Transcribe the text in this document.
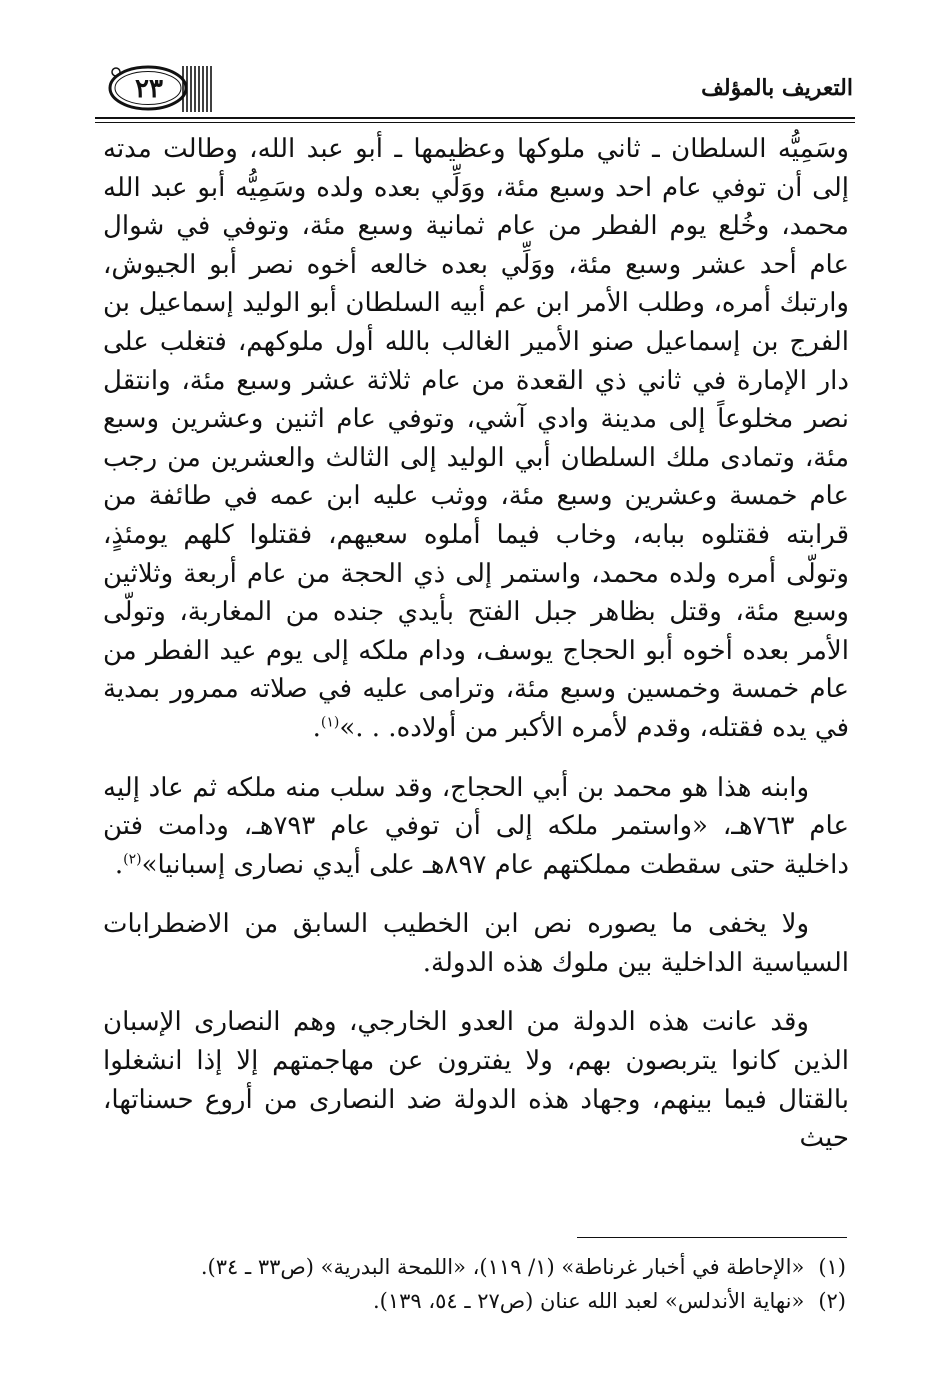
التعريف بالمؤلف
٢٣

وسَمِيُّه السلطان ـ ثاني ملوكها وعظيمها ـ أبو عبد الله، وطالت مدته إلى أن توفي عام احد وسبع مئة، ووَلِّي بعده ولده وسَمِيُّه أبو عبد الله محمد، وخُلع يوم الفطر من عام ثمانية وسبع مئة، وتوفي في شوال عام أحد عشر وسبع مئة، ووَلِّي بعده خالعه أخوه نصر أبو الجيوش، وارتبك أمره، وطلب الأمر ابن عم أبيه السلطان أبو الوليد إسماعيل بن الفرج بن إسماعيل صنو الأمير الغالب بالله أول ملوكهم، فتغلب على دار الإمارة في ثاني ذي القعدة من عام ثلاثة عشر وسبع مئة، وانتقل نصر مخلوعاً إلى مدينة وادي آشي، وتوفي عام اثنين وعشرين وسبع مئة، وتمادى ملك السلطان أبي الوليد إلى الثالث والعشرين من رجب عام خمسة وعشرين وسبع مئة، ووثب عليه ابن عمه في طائفة من قرابته فقتلوه ببابه، وخاب فيما أملوه سعيهم، فقتلوا كلهم يومئذٍ، وتولّى أمره ولده محمد، واستمر إلى ذي الحجة من عام أربعة وثلاثين وسبع مئة، وقتل بظاهر جبل الفتح بأيدي جنده من المغاربة، وتولّى الأمر بعده أخوه أبو الحجاج يوسف، ودام ملكه إلى يوم عيد الفطر من عام خمسة وخمسين وسبع مئة، وترامى عليه في صلاته ممرور بمدية في يده فقتله، وقدم لأمره الأكبر من أولاده. . .»$^{(١)}$.

وابنه هذا هو محمد بن أبي الحجاج، وقد سلب منه ملكه ثم عاد إليه عام ٧٦٣هـ، «واستمر ملكه إلى أن توفي عام ٧٩٣هـ، ودامت فتن داخلية حتى سقطت مملكتهم عام ٨٩٧هـ على أيدي نصارى إسبانيا»$^{(٢)}$.

ولا يخفى ما يصوره نص ابن الخطيب السابق من الاضطرابات السياسية الداخلية بين ملوك هذه الدولة.

وقد عانت هذه الدولة من العدو الخارجي، وهم النصارى الإسبان الذين كانوا يتربصون بهم، ولا يفترون عن مهاجمتهم إلا إذا انشغلوا بالقتال فيما بينهم، وجهاد هذه الدولة ضد النصارى من أروع حسناتها، حيث

(١)«الإحاطة في أخبار غرناطة» (١/ ١١٩)، «اللمحة البدرية» (ص٣٣ ـ ٣٤).

(٢)«نهاية الأندلس» لعبد الله عنان (ص٢٧ ـ ٥٤، ١٣٩).
